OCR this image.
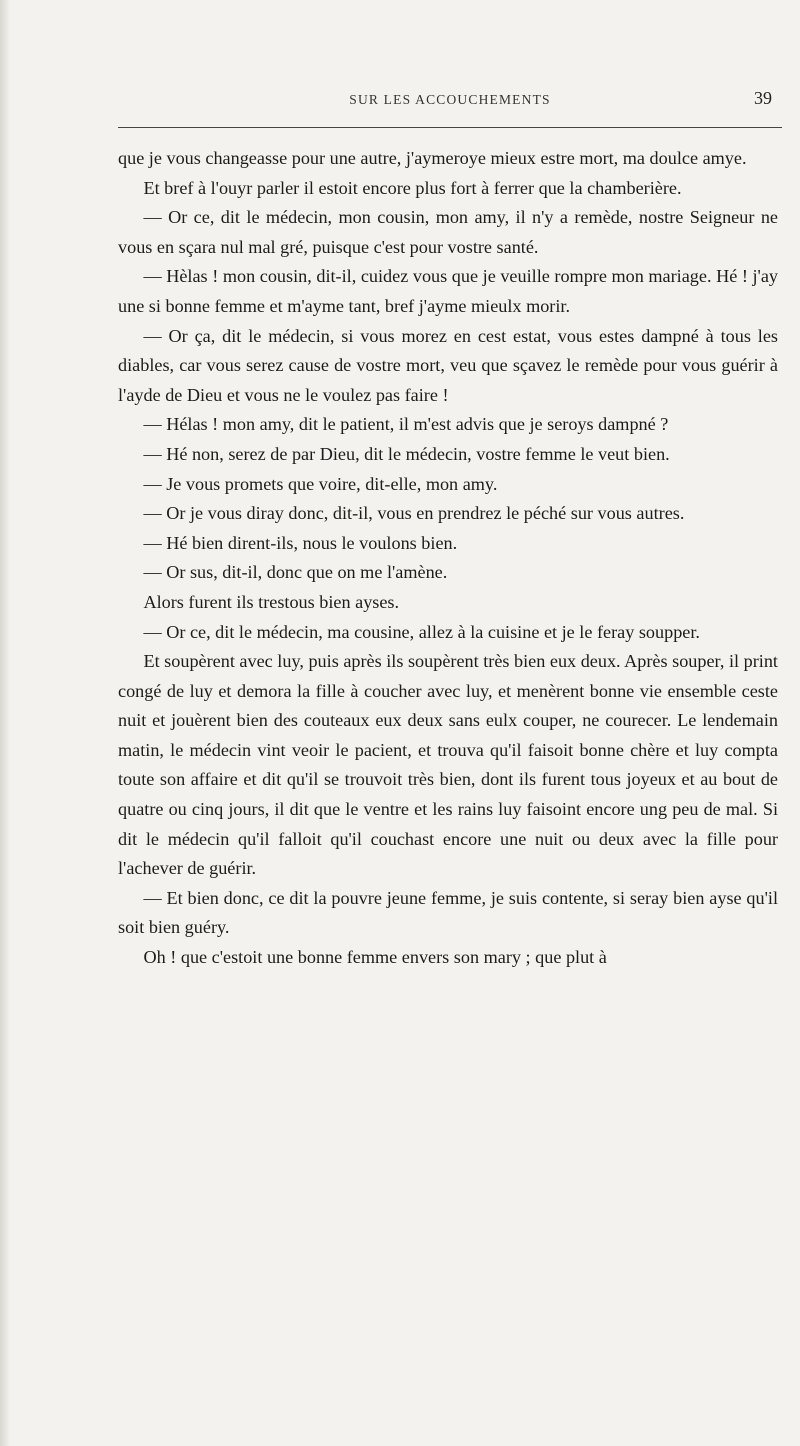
SUR LES ACCOUCHEMENTS	39

que je vous changeasse pour une autre, j'aymeroye mieux estre mort, ma doulce amye.

Et bref à l'ouyr parler il estoit encore plus fort à ferrer que la chamberière.

— Or ce, dit le médecin, mon cousin, mon amy, il n'y a remède, nostre Seigneur ne vous en sçara nul mal gré, puisque c'est pour vostre santé.

— Hèlas ! mon cousin, dit-il, cuidez vous que je veuille rompre mon mariage. Hé ! j'ay une si bonne femme et m'ayme tant, bref j'ayme mieulx morir.

— Or ça, dit le médecin, si vous morez en cest estat, vous estes dampné à tous les diables, car vous serez cause de vostre mort, veu que sçavez le remède pour vous guérir à l'ayde de Dieu et vous ne le voulez pas faire !

— Hélas ! mon amy, dit le patient, il m'est advis que je seroys dampné ?

— Hé non, serez de par Dieu, dit le médecin, vostre femme le veut bien.

— Je vous promets que voire, dit-elle, mon amy.

— Or je vous diray donc, dit-il, vous en prendrez le péché sur vous autres.

— Hé bien dirent-ils, nous le voulons bien.

— Or sus, dit-il, donc que on me l'amène.

Alors furent ils trestous bien ayses.

— Or ce, dit le médecin, ma cousine, allez à la cuisine et je le feray soupper.

Et soupèrent avec luy, puis après ils soupèrent très bien eux deux. Après souper, il print congé de luy et demora la fille à coucher avec luy, et menèrent bonne vie ensemble ceste nuit et jouèrent bien des couteaux eux deux sans eulx couper, ne courecer. Le lendemain matin, le médecin vint veoir le pacient, et trouva qu'il faisoit bonne chère et luy compta toute son affaire et dit qu'il se trouvoit très bien, dont ils furent tous joyeux et au bout de quatre ou cinq jours, il dit que le ventre et les rains luy faisoint encore ung peu de mal. Si dit le médecin qu'il falloit qu'il couchast encore une nuit ou deux avec la fille pour l'achever de guérir.

— Et bien donc, ce dit la pouvre jeune femme, je suis contente, si seray bien ayse qu'il soit bien guéry.

Oh ! que c'estoit une bonne femme envers son mary ; que plut à
